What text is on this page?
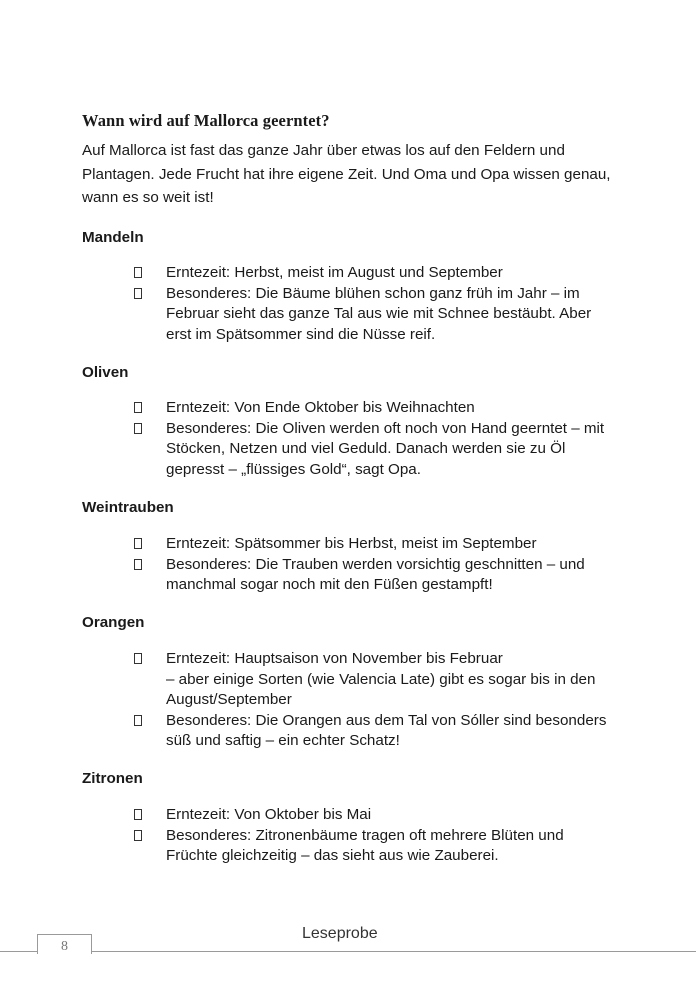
Wann wird auf Mallorca geerntet?
Auf Mallorca ist fast das ganze Jahr über etwas los auf den Feldern und
Plantagen. Jede Frucht hat ihre eigene Zeit. Und Oma und Opa wissen genau,
wann es so weit ist!
Mandeln
Erntezeit: Herbst, meist im August und September
Besonderes: Die Bäume blühen schon ganz früh im Jahr – im
Februar sieht das ganze Tal aus wie mit Schnee bestäubt. Aber
erst im Spätsommer sind die Nüsse reif.
Oliven
Erntezeit: Von Ende Oktober bis Weihnachten
Besonderes: Die Oliven werden oft noch von Hand geerntet – mit
Stöcken, Netzen und viel Geduld. Danach werden sie zu Öl
gepresst – „flüssiges Gold“, sagt Opa.
Weintrauben
Erntezeit: Spätsommer bis Herbst, meist im September
Besonderes: Die Trauben werden vorsichtig geschnitten – und
manchmal sogar noch mit den Füßen gestampft!
Orangen
Erntezeit: Hauptsaison von November bis Februar
– aber einige Sorten (wie Valencia Late) gibt es sogar bis in den
August/September
Besonderes: Die Orangen aus dem Tal von Sóller sind besonders
süß und saftig – ein echter Schatz!
Zitronen
Erntezeit: Von Oktober bis Mai
Besonderes: Zitronenbäume tragen oft mehrere Blüten und
Früchte gleichzeitig – das sieht aus wie Zauberei.
8
Leseprobe
